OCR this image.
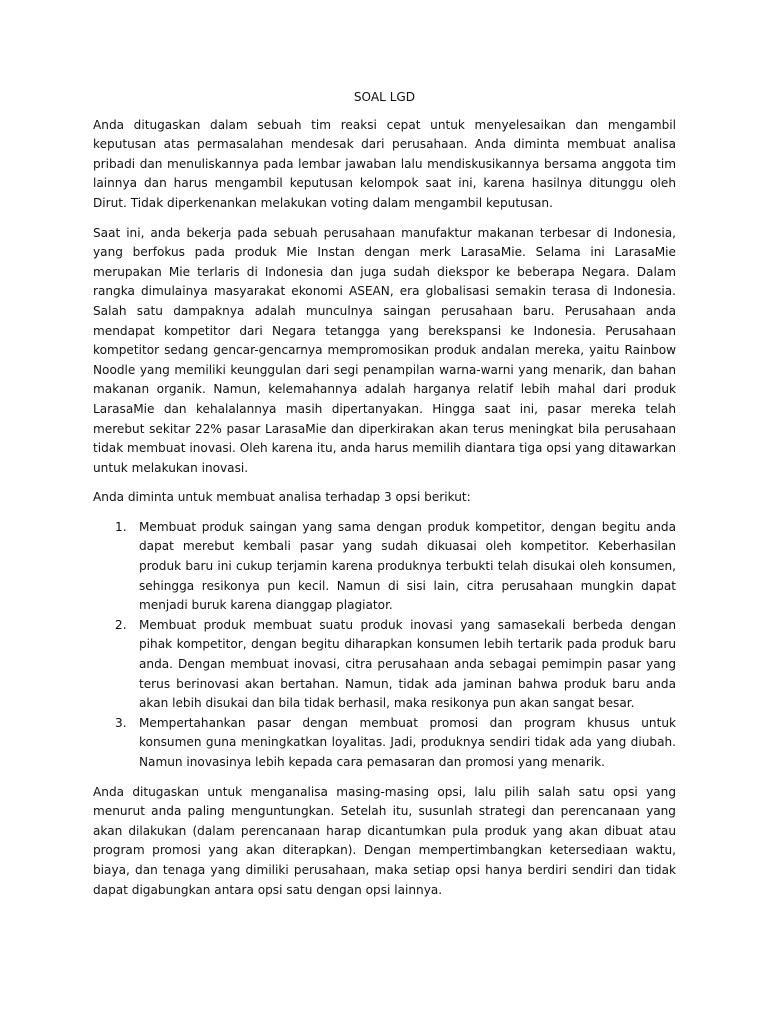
SOAL LGD

Anda ditugaskan dalam sebuah tim reaksi cepat untuk menyelesaikan dan mengambil keputusan atas permasalahan mendesak dari perusahaan. Anda diminta membuat analisa pribadi dan menuliskannya pada lembar jawaban lalu mendiskusikannya bersama anggota tim lainnya dan harus mengambil keputusan kelompok saat ini, karena hasilnya ditunggu oleh Dirut. Tidak diperkenankan melakukan voting dalam mengambil keputusan.

Saat ini, anda bekerja pada sebuah perusahaan manufaktur makanan terbesar di Indonesia, yang berfokus pada produk Mie Instan dengan merk LarasaMie. Selama ini LarasaMie merupakan Mie terlaris di Indonesia dan juga sudah diekspor ke beberapa Negara. Dalam rangka dimulainya masyarakat ekonomi ASEAN, era globalisasi semakin terasa di Indonesia. Salah satu dampaknya adalah munculnya saingan perusahaan baru. Perusahaan anda mendapat kompetitor dari Negara tetangga yang berekspansi ke Indonesia. Perusahaan kompetitor sedang gencar-gencarnya mempromosikan produk andalan mereka, yaitu Rainbow Noodle yang memiliki keunggulan dari segi penampilan warna-warni yang menarik, dan bahan makanan organik. Namun, kelemahannya adalah harganya relatif lebih mahal dari produk LarasaMie dan kehalalannya masih dipertanyakan. Hingga saat ini, pasar mereka telah merebut sekitar 22% pasar LarasaMie dan diperkirakan akan terus meningkat bila perusahaan tidak membuat inovasi. Oleh karena itu, anda harus memilih diantara tiga opsi yang ditawarkan untuk melakukan inovasi.

Anda diminta untuk membuat analisa terhadap 3 opsi berikut:

1. Membuat produk saingan yang sama dengan produk kompetitor, dengan begitu anda dapat merebut kembali pasar yang sudah dikuasai oleh kompetitor. Keberhasilan produk baru ini cukup terjamin karena produknya terbukti telah disukai oleh konsumen, sehingga resikonya pun kecil. Namun di sisi lain, citra perusahaan mungkin dapat menjadi buruk karena dianggap plagiator.
2. Membuat produk membuat suatu produk inovasi yang samasekali berbeda dengan pihak kompetitor, dengan begitu diharapkan konsumen lebih tertarik pada produk baru anda. Dengan membuat inovasi, citra perusahaan anda sebagai pemimpin pasar yang terus berinovasi akan bertahan. Namun, tidak ada jaminan bahwa produk baru anda akan lebih disukai dan bila tidak berhasil, maka resikonya pun akan sangat besar.
3. Mempertahankan pasar dengan membuat promosi dan program khusus untuk konsumen guna meningkatkan loyalitas. Jadi, produknya sendiri tidak ada yang diubah. Namun inovasinya lebih kepada cara pemasaran dan promosi yang menarik.

Anda ditugaskan untuk menganalisa masing-masing opsi, lalu pilih salah satu opsi yang menurut anda paling menguntungkan. Setelah itu, susunlah strategi dan perencanaan yang akan dilakukan (dalam perencanaan harap dicantumkan pula produk yang akan dibuat atau program promosi yang akan diterapkan). Dengan mempertimbangkan ketersediaan waktu, biaya, dan tenaga yang dimiliki perusahaan, maka setiap opsi hanya berdiri sendiri dan tidak dapat digabungkan antara opsi satu dengan opsi lainnya.
